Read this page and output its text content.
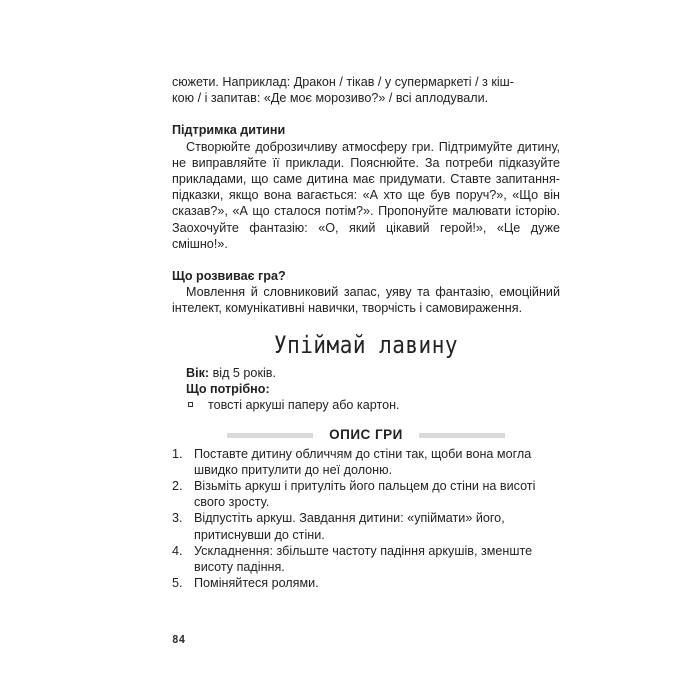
сюжети. Наприклад: Дракон / тікав / у супермаркеті / з кіш-

кою / і запитав: «Де моє морозиво?» / всі аплодували.

Підтримка дитини

Створюйте доброзичливу атмосферу гри. Підтримуйте дитину, не виправляйте її приклади. Пояснюйте. За потреби підказуйте прикладами, що саме дитина має придумати. Ставте запитання-підказки, якщо вона вагається: «А хто ще був поруч?», «Що він сказав?», «А що сталося потім?». Пропонуйте малювати історію. Заохочуйте фантазію: «О, який цікавий герой!», «Це дуже смішно!».

Що розвиває гра?

Мовлення й словниковий запас, уяву та фантазію, емоційний інтелект, комунікативні навички, творчість і самовираження.

Упіймай лавину

Вік: від 5 років.

Що потрібно:

товсті аркуші паперу або картон.
ОПИС ГРИ
1. Поставте дитину обличчям до стіни так, щоби вона могла швидко притулити до неї долоню.
2. Візьміть аркуш і притуліть його пальцем до стіни на висоті свого зросту.
3. Відпустіть аркуш. Завдання дитини: «упіймати» його, притиснувши до стіни.
4. Ускладнення: збільште частоту падіння аркушів, зменште висоту падіння.
5. Поміняйтеся ролями.
84
